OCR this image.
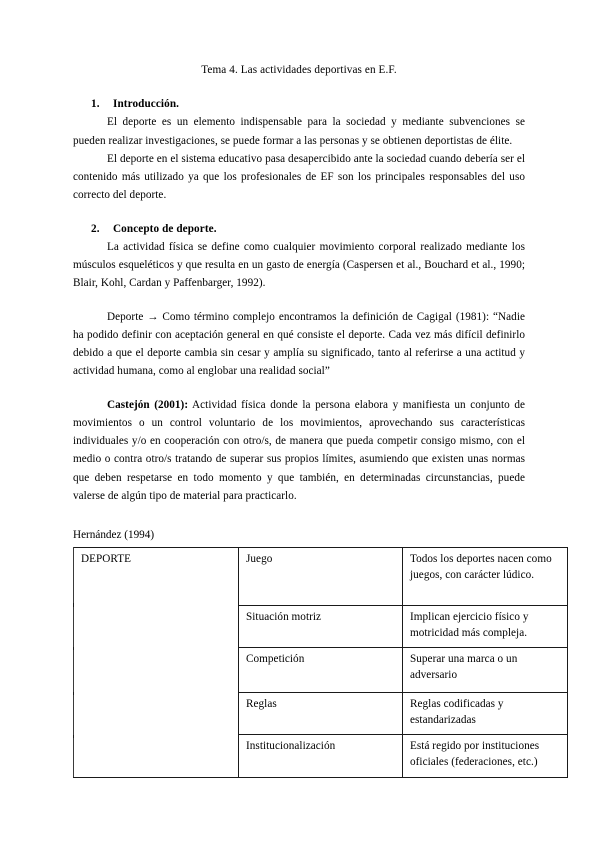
Tema 4. Las actividades deportivas en E.F.
1. Introducción.

El deporte es un elemento indispensable para la sociedad y mediante subvenciones se pueden realizar investigaciones, se puede formar a las personas y se obtienen deportistas de élite.

El deporte en el sistema educativo pasa desapercibido ante la sociedad cuando debería ser el contenido más utilizado ya que los profesionales de EF son los principales responsables del uso correcto del deporte.

2. Concepto de deporte.

La actividad física se define como cualquier movimiento corporal realizado mediante los músculos esqueléticos y que resulta en un gasto de energía (Caspersen et al., Bouchard et al., 1990; Blair, Kohl, Cardan y Paffenbarger, 1992).

Deporte → Como término complejo encontramos la definición de Cagigal (1981): “Nadie ha podido definir con aceptación general en qué consiste el deporte. Cada vez más difícil definirlo debido a que el deporte cambia sin cesar y amplía su significado, tanto al referirse a una actitud y actividad humana, como al englobar una realidad social”

Castejón (2001): Actividad física donde la persona elabora y manifiesta un conjunto de movimientos o un control voluntario de los movimientos, aprovechando sus características individuales y/o en cooperación con otro/s, de manera que pueda competir consigo mismo, con el medio o contra otro/s tratando de superar sus propios límites, asumiendo que existen unas normas que deben respetarse en todo momento y que también, en determinadas circunstancias, puede valerse de algún tipo de material para practicarlo.

Hernández (1994)
DEPORTE	Juego	Todos los deportes nacen como juegos, con carácter lúdico.
	Situación motriz	Implican ejercicio físico y motricidad más compleja.
	Competición	Superar una marca o un adversario
	Reglas	Reglas codificadas y estandarizadas
	Institucionalización	Está regido por instituciones oficiales (federaciones, etc.)
